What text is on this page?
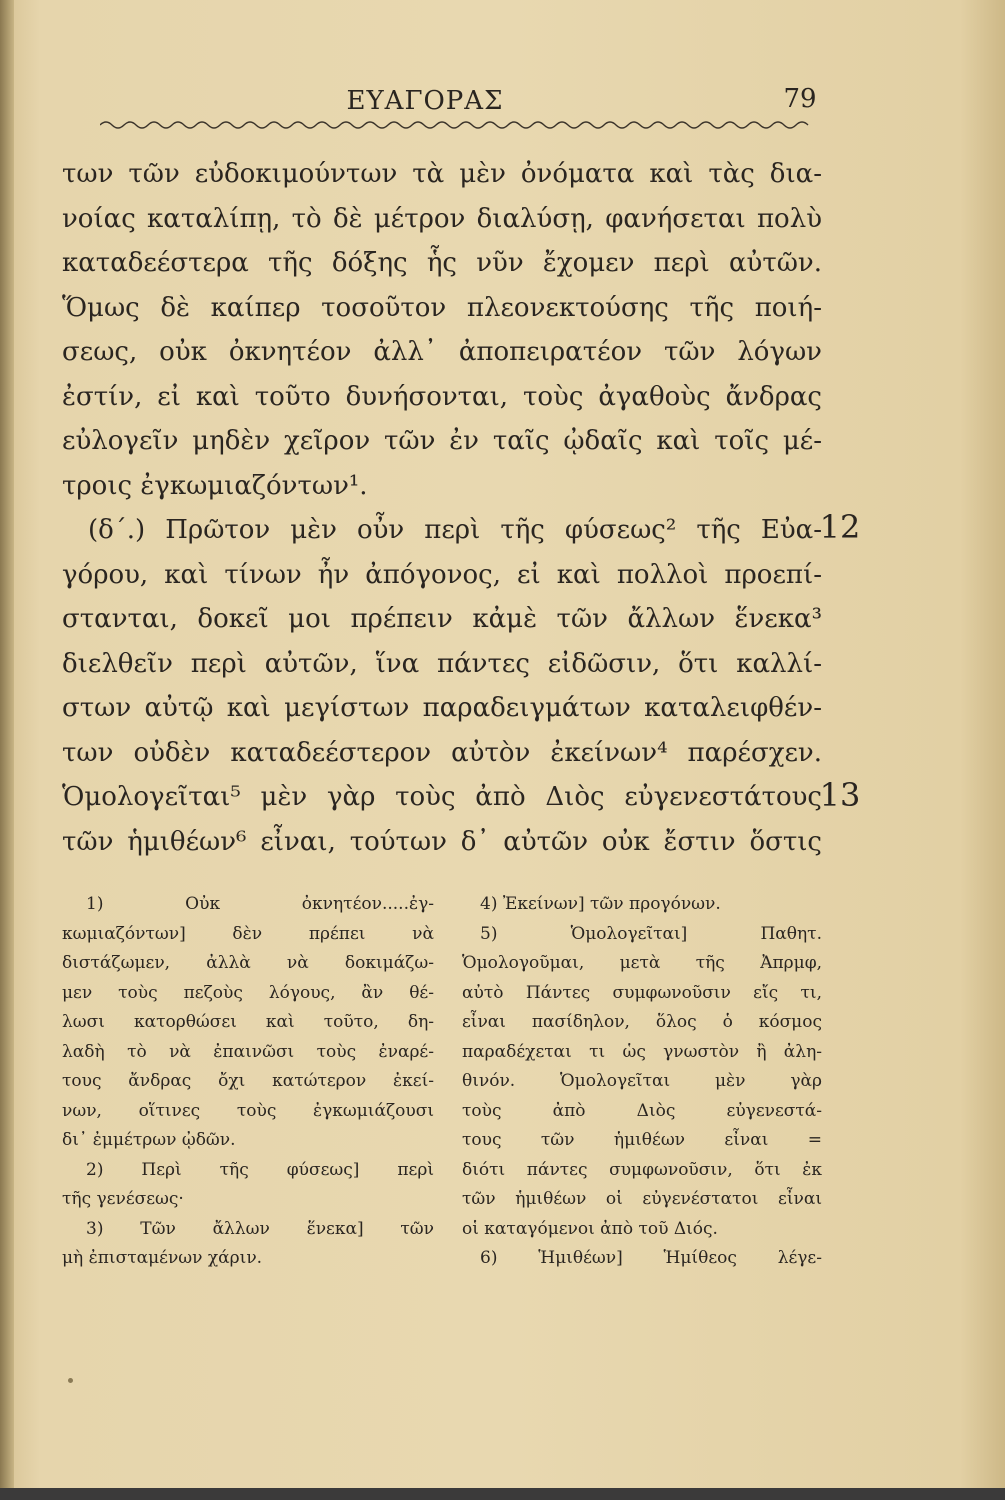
ΕΥΑΓΟΡΑΣ	79
των τῶν εὐδοκιμούντων τὰ μὲν ὀνόματα καὶ τὰς δια-
νοίας καταλίπῃ, τὸ δὲ μέτρον διαλύσῃ, φανήσεται πολὺ
καταδεέστερα τῆς δόξης ἧς νῦν ἔχομεν περὶ αὐτῶν.
Ὅμως δὲ καίπερ τοσοῦτον πλεονεκτούσης τῆς ποιή-
σεως, οὐκ ὀκνητέον ἀλλ᾽ ἀποπειρατέον τῶν λόγων
ἐστίν, εἰ καὶ τοῦτο δυνήσονται, τοὺς ἀγαθοὺς ἄνδρας
εὐλογεῖν μηδὲν χεῖρον τῶν ἐν ταῖς ᾠδαῖς καὶ τοῖς μέ-
τροις ἐγκωμιαζόντων¹.
(δ΄.) Πρῶτον μὲν οὖν περὶ τῆς φύσεως² τῆς Εὐα-
γόρου, καὶ τίνων ἦν ἀπόγονος, εἰ καὶ πολλοὶ προεπί-
στανται, δοκεῖ μοι πρέπειν κἀμὲ τῶν ἄλλων ἕνεκα³
διελθεῖν περὶ αὐτῶν, ἵνα πάντες εἰδῶσιν, ὅτι καλλί-
στων αὐτῷ καὶ μεγίστων παραδειγμάτων καταλειφθέν-
των οὐδὲν καταδεέστερον αὐτὸν ἐκείνων⁴ παρέσχεν.
Ὁμολογεῖται⁵ μὲν γὰρ τοὺς ἀπὸ Διὸς εὐγενεστάτους
τῶν ἡμιθέων⁶ εἶναι, τούτων δ᾽ αὐτῶν οὐκ ἔστιν ὅστις
12
13
1) Οὐκ ὀκνητέον.....ἐγ-
κωμιαζόντων] δὲν πρέπει νὰ
διστάζωμεν, ἀλλὰ νὰ δοκιμάζω-
μεν τοὺς πεζοὺς λόγους, ἂν θέ-
λωσι κατορθώσει καὶ τοῦτο, δη-
λαδὴ τὸ νὰ ἐπαινῶσι τοὺς ἐναρέ-
τους ἄνδρας ὄχι κατώτερον ἐκεί-
νων, οἵτινες τοὺς ἐγκωμιάζουσι
δι᾽ ἐμμέτρων ᾠδῶν.
2) Περὶ τῆς φύσεως] περὶ
τῆς γενέσεως·
3) Τῶν ἄλλων ἕνεκα] τῶν
μὴ ἐπισταμένων χάριν.
4) Ἐκείνων] τῶν προγόνων.
5) Ὁμολογεῖται] Παθητ.
Ὁμολογοῦμαι, μετὰ τῆς Ἀπρμφ,
αὐτὸ Πάντες συμφωνοῦσιν εἴς τι,
εἶναι πασίδηλον, ὅλος ὁ κόσμος
παραδέχεται τι ὡς γνωστὸν ἢ ἀλη-
θινόν. Ὁμολογεῖται μὲν γὰρ
τοὺς ἀπὸ Διὸς εὐγενεστά-
τους τῶν ἡμιθέων εἶναι =
διότι πάντες συμφωνοῦσιν, ὅτι ἐκ
τῶν ἡμιθέων οἱ εὐγενέστατοι εἶναι
οἱ καταγόμενοι ἀπὸ τοῦ Διός.
6) Ἡμιθέων] Ἡμίθεος λέγε-
